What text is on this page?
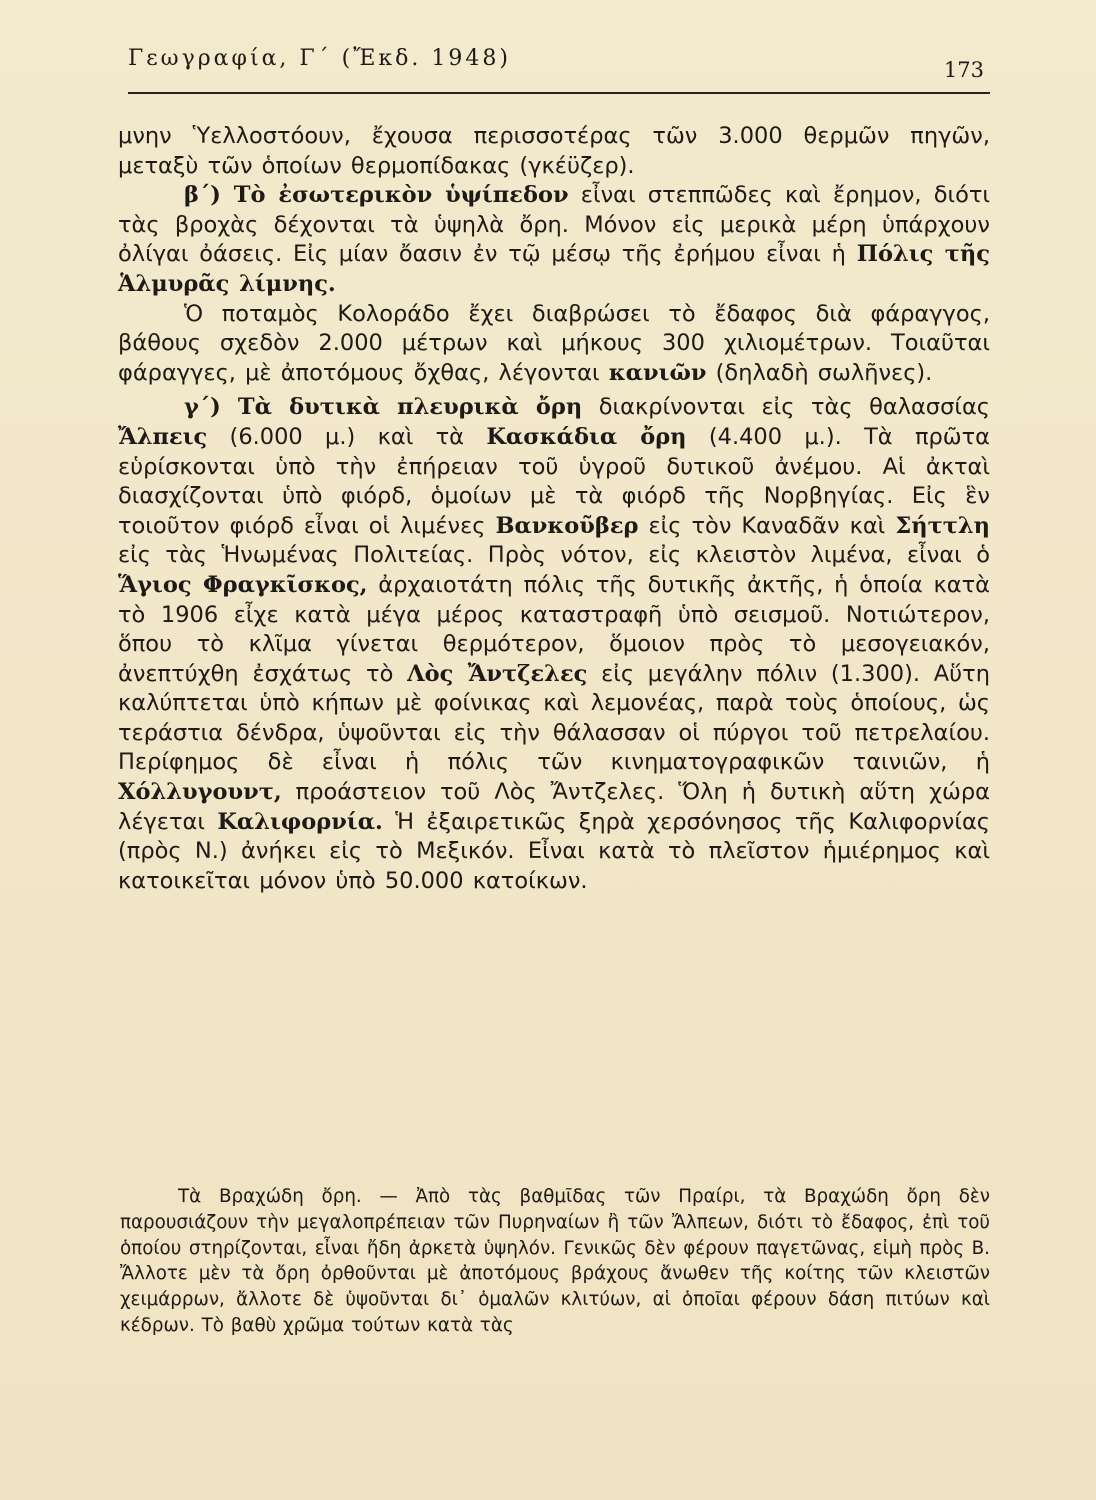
Γεωγραφία, Γ΄ (Ἔκδ. 1948)	173

μνην Ὑελλοστόουν, ἔχουσα περισσοτέρας τῶν 3.000 θερμῶν πηγῶν, μεταξὺ τῶν ὁποίων θερμοπίδακας (γκέϋζερ).

β΄) Τὸ ἐσωτερικὸν ὑψίπεδον εἶναι στεππῶδες καὶ ἔρημον, διότι τὰς βροχὰς δέχονται τὰ ὑψηλὰ ὄρη. Μόνον εἰς μερικὰ μέρη ὑπάρχουν ὀλίγαι ὀάσεις. Εἰς μίαν ὄασιν ἐν τῷ μέσῳ τῆς ἐρήμου εἶναι ἡ Πόλις τῆς Ἁλμυρᾶς λίμνης.

Ὁ ποταμὸς Κολοράδο ἔχει διαβρώσει τὸ ἔδαφος διὰ φάραγγος, βάθους σχεδὸν 2.000 μέτρων καὶ μήκους 300 χιλιομέτρων. Τοιαῦται φάραγγες, μὲ ἀποτόμους ὄχθας, λέγονται κανιῶν (δηλαδὴ σωλῆνες).

γ΄) Τὰ δυτικὰ πλευρικὰ ὄρη διακρίνονται εἰς τὰς θαλασσίας Ἄλπεις (6.000 μ.) καὶ τὰ Κασκάδια ὄρη (4.400 μ.). Τὰ πρῶτα εὑρίσκονται ὑπὸ τὴν ἐπήρειαν τοῦ ὑγροῦ δυτικοῦ ἀνέμου. Αἱ ἀκταὶ διασχίζονται ὑπὸ φιόρδ, ὁμοίων μὲ τὰ φιόρδ τῆς Νορβηγίας. Εἰς ἓν τοιοῦτον φιόρδ εἶναι οἱ λιμένες Βανκοῦβερ εἰς τὸν Καναδᾶν καὶ Σήττλη εἰς τὰς Ἡνωμένας Πολιτείας. Πρὸς νότον, εἰς κλειστὸν λιμένα, εἶναι ὁ Ἅγιος Φραγκῖσκος, ἀρχαιοτάτη πόλις τῆς δυτικῆς ἀκτῆς, ἡ ὁποία κατὰ τὸ 1906 εἶχε κατὰ μέγα μέρος καταστραφῆ ὑπὸ σεισμοῦ. Νοτιώτερον, ὅπου τὸ κλῖμα γίνεται θερμότερον, ὅμοιον πρὸς τὸ μεσογειακόν, ἀνεπτύχθη ἐσχάτως τὸ Λὸς Ἄντζελες εἰς μεγάλην πόλιν (1.300). Αὕτη καλύπτεται ὑπὸ κήπων μὲ φοίνικας καὶ λεμονέας, παρὰ τοὺς ὁποίους, ὡς τεράστια δένδρα, ὑψοῦνται εἰς τὴν θάλασσαν οἱ πύργοι τοῦ πετρελαίου. Περίφημος δὲ εἶναι ἡ πόλις τῶν κινηματογραφικῶν ταινιῶν, ἡ Χόλλυγουντ, προάστειον τοῦ Λὸς Ἄντζελες. Ὅλη ἡ δυτικὴ αὕτη χώρα λέγεται Καλιφορνία. Ἡ ἐξαιρετικῶς ξηρὰ χερσόνησος τῆς Καλιφορνίας (πρὸς Ν.) ἀνήκει εἰς τὸ Μεξικόν. Εἶναι κατὰ τὸ πλεῖστον ἡμιέρημος καὶ κατοικεῖται μόνον ὑπὸ 50.000 κατοίκων.

Τὰ Βραχώδη ὄρη. — Ἀπὸ τὰς βαθμῖδας τῶν Πραίρι, τὰ Βραχώδη ὄρη δὲν παρουσιάζουν τὴν μεγαλοπρέπειαν τῶν Πυρηναίων ἢ τῶν Ἄλπεων, διότι τὸ ἔδαφος, ἐπὶ τοῦ ὁποίου στηρίζονται, εἶναι ἤδη ἀρκετὰ ὑψηλόν. Γενικῶς δὲν φέρουν παγετῶνας, εἰμὴ πρὸς Β. Ἄλλοτε μὲν τὰ ὄρη ὀρθοῦνται μὲ ἀποτόμους βράχους ἄνωθεν τῆς κοίτης τῶν κλειστῶν χειμάρρων, ἄλλοτε δὲ ὑψοῦνται δι᾿ ὁμαλῶν κλιτύων, αἱ ὁποῖαι φέρουν δάση πιτύων καὶ κέδρων. Τὸ βαθὺ χρῶμα τούτων κατὰ τὰς
